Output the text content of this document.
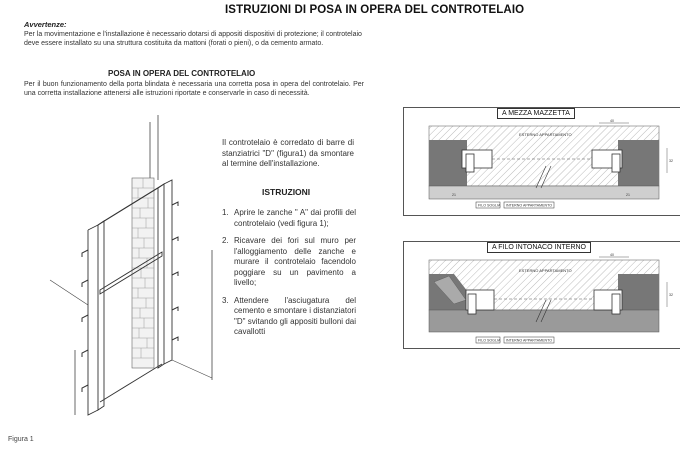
ISTRUZIONI DI POSA IN OPERA DEL CONTROTELAIO
Avvertenze:
Per la movimentazione e l'installazione è necessario dotarsi di appositi dispositivi di protezione; il controtelaio deve essere installato su una struttura costituita da mattoni (forati o pieni), o da cemento armato.
POSA IN OPERA DEL CONTROTELAIO
Per il buon funzionamento della porta blindata è necessaria una corretta posa in opera del controtelaio. Per una corretta installazione attenersi alle istruzioni riportate e conservarle in caso di necessità.
Il controtelaio è corredato di barre di stanziatrici "D" (figura1) da smontare al termine dell'installazione.
ISTRUZIONI
1. Aprire le zanche " A" dai profili del controtelaio (vedi figura 1);
2. Ricavare dei fori sul muro per l'alloggiamento delle zanche e murare il controtelaio facendolo poggiare su un pavimento a livello;
3. Attendere l'asciugatura del cemento e smontare i distanziatori "D" svitando gli appositi bulloni dai cavallotti
Figura 1
A MEZZA MAZZETTA
ESTERNO APPARTAMENTO
FILO SOGLIA INTERNO APPARTAMENTO
40
32
21	21
A FILO INTONACO INTERNO
ESTERNO APPARTAMENTO
FILO SOGLIA INTERNO APPARTAMENTO
40
32
